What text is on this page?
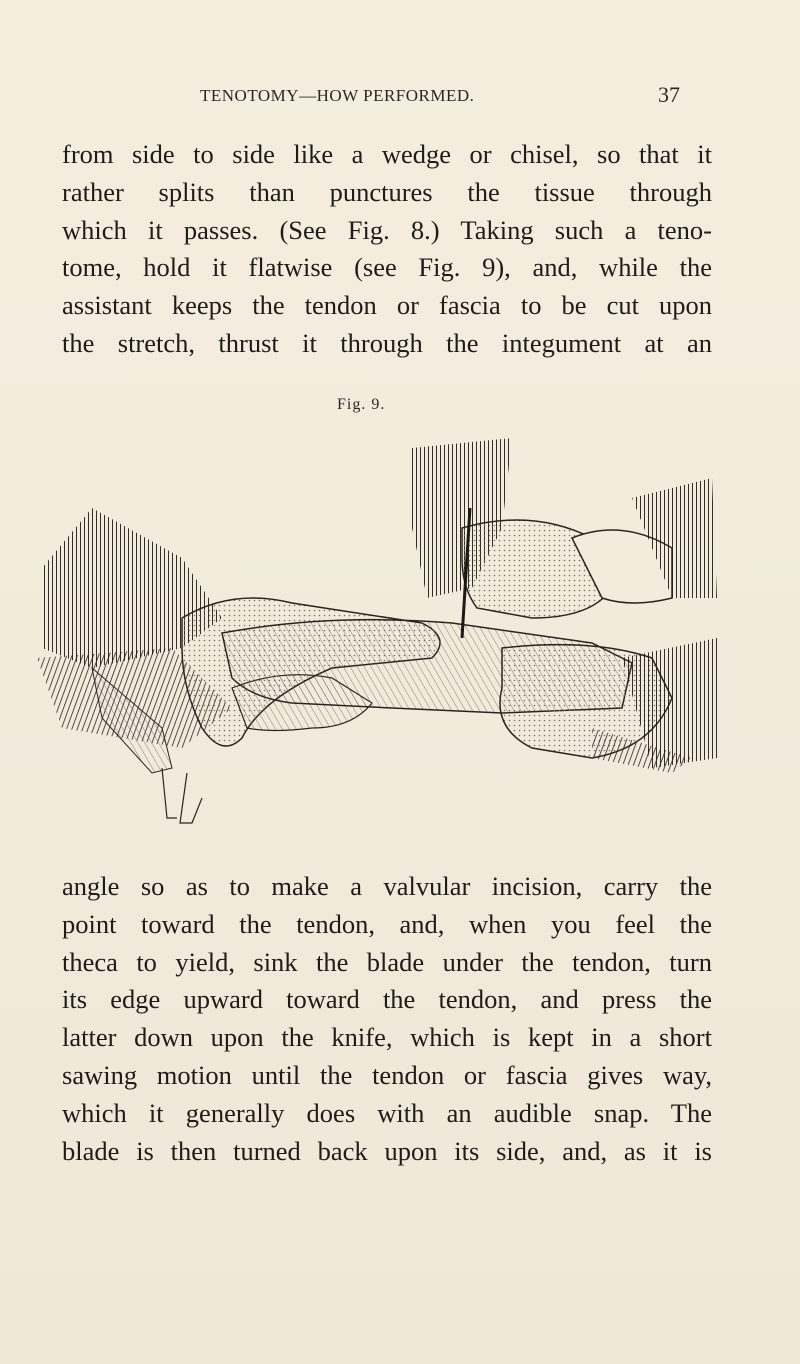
TENOTOMY—HOW PERFORMED.	37
from side to side like a wedge or chisel, so that it
rather splits than punctures the tissue through
which it passes. (See Fig. 8.) Taking such a teno-
tome, hold it flatwise (see Fig. 9), and, while the
assistant keeps the tendon or fascia to be cut upon
the stretch, thrust it through the integument at an
Fig. 9.
angle so as to make a valvular incision, carry the
point toward the tendon, and, when you feel the
theca to yield, sink the blade under the tendon, turn
its edge upward toward the tendon, and press the
latter down upon the knife, which is kept in a short
sawing motion until the tendon or fascia gives way,
which it generally does with an audible snap. The
blade is then turned back upon its side, and, as it is
